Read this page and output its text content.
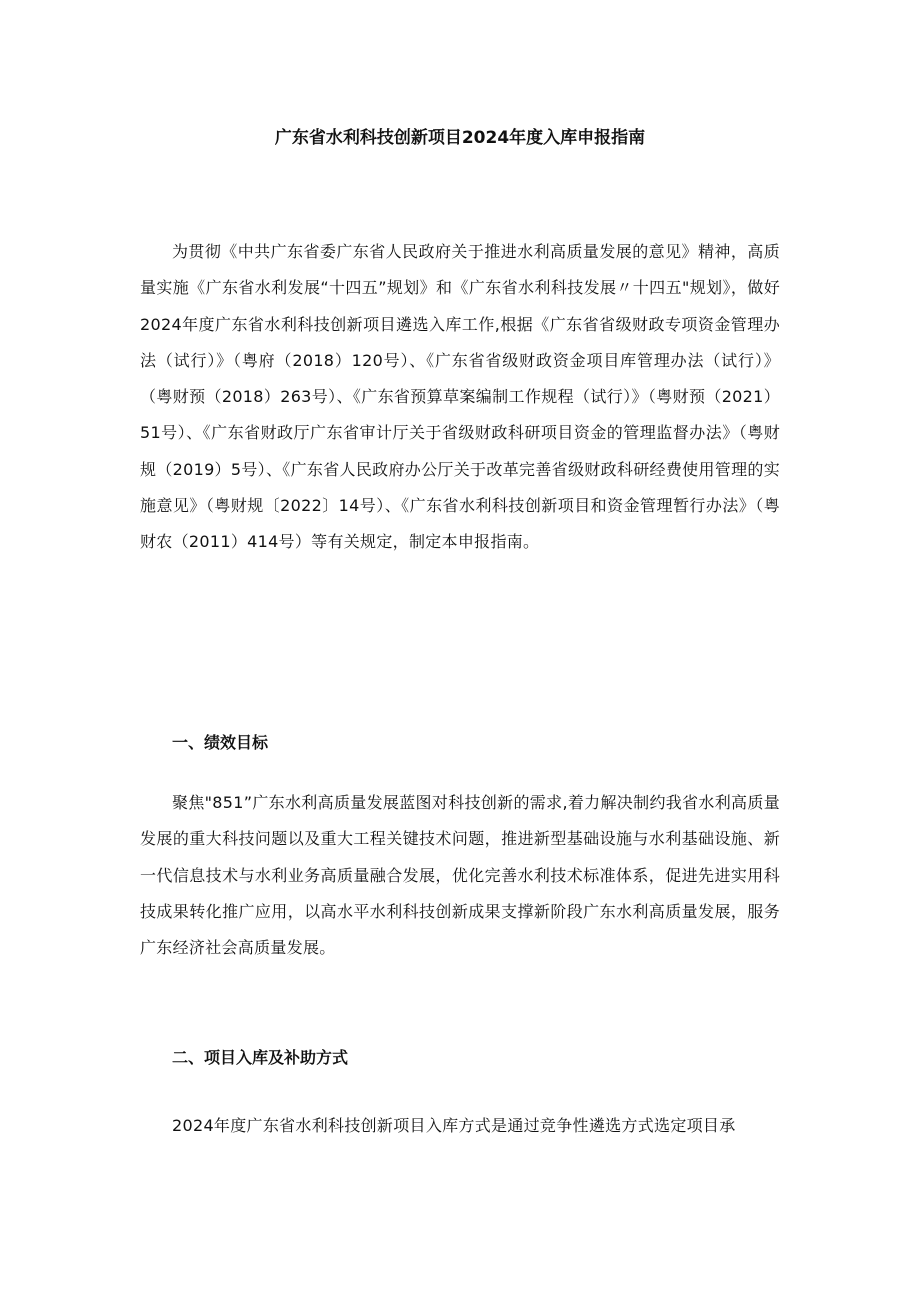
广东省水利科技创新项目2024年度入库申报指南

为贯彻《中共广东省委广东省人民政府关于推进水利高质量发展的意见》精神，高质量实施《广东省水利发展“十四五”规划》和《广东省水利科技发展〃十四五"规划》，做好2024年度广东省水利科技创新项目遴选入库工作,根据《广东省省级财政专项资金管理办法（试行）》（粤府（2018）120号）、《广东省省级财政资金项目库管理办法（试行）》（粤财预（2018）263号）、《广东省预算草案编制工作规程（试行）》（粤财预（2021）51号）、《广东省财政厅广东省审计厅关于省级财政科研项目资金的管理监督办法》（粤财规（2019）5号）、《广东省人民政府办公厅关于改革完善省级财政科研经费使用管理的实施意见》（粤财规〔2022〕14号）、《广东省水利科技创新项目和资金管理暂行办法》（粤财农（2011）414号）等有关规定，制定本申报指南。

一、绩效目标

聚焦"851”广东水利高质量发展蓝图对科技创新的需求,着力解决制约我省水利高质量发展的重大科技问题以及重大工程关键技术问题，推进新型基础设施与水利基础设施、新一代信息技术与水利业务高质量融合发展，优化完善水利技术标准体系，促进先进实用科技成果转化推广应用，以高水平水利科技创新成果支撑新阶段广东水利高质量发展，服务广东经济社会高质量发展。

二、项目入库及补助方式

2024年度广东省水利科技创新项目入库方式是通过竞争性遴选方式选定项目承
